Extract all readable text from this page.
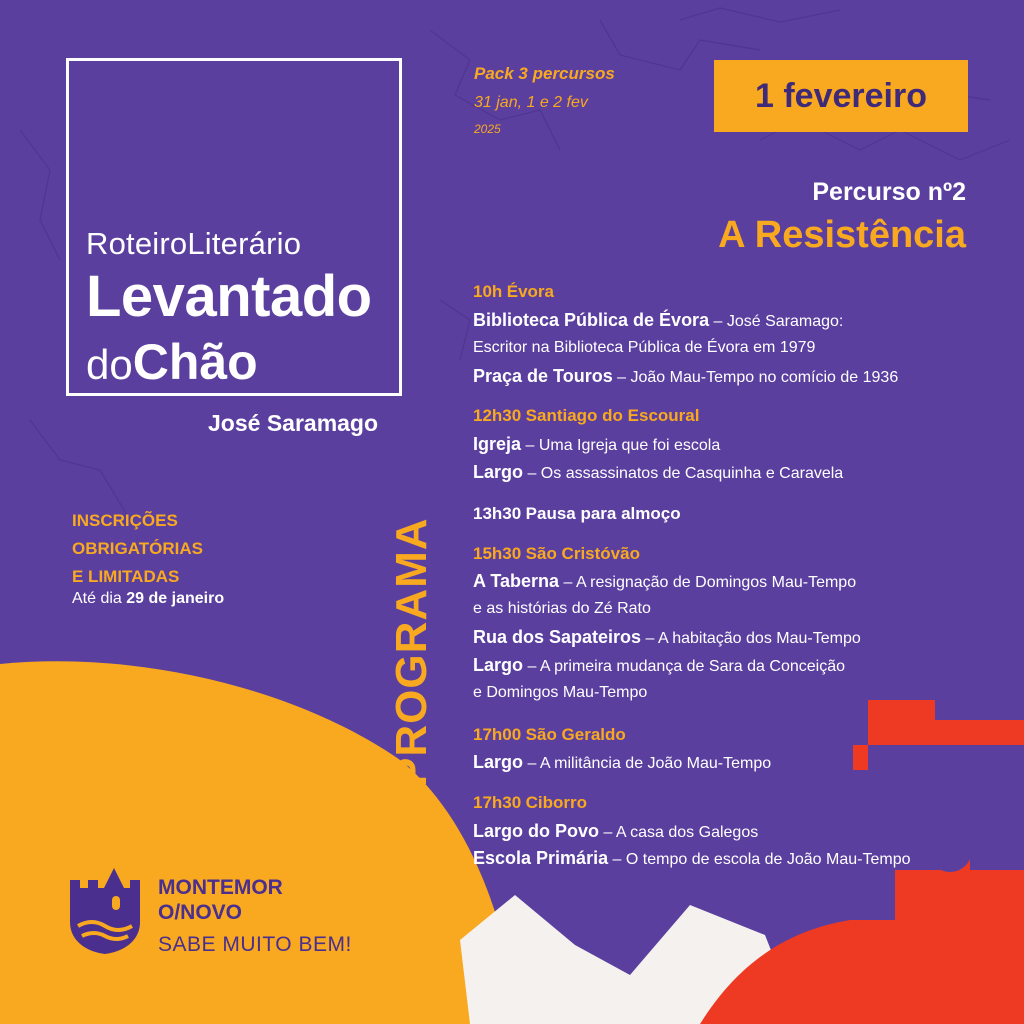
RoteiroLiterário
Levantado
doChão
José Saramago
INSCRIÇÕES
OBRIGATÓRIAS
E LIMITADAS
Até dia 29 de janeiro	PROGRAMA
Pack 3 percursos
31 jan, 1 e 2 fev
2025
1 fevereiro
Percurso nº2
A Resistência
10h Évora
Biblioteca Pública de Évora – José Saramago:
Escritor na Biblioteca Pública de Évora em 1979
Praça de Touros – João Mau-Tempo no comício de 1936
12h30 Santiago do Escoural
Igreja – Uma Igreja que foi escola
Largo – Os assassinatos de Casquinha e Caravela
13h30 Pausa para almoço
15h30 São Cristóvão
A Taberna – A resignação de Domingos Mau-Tempo
e as histórias do Zé Rato
Rua dos Sapateiros – A habitação dos Mau-Tempo
Largo – A primeira mudança de Sara da Conceição
e Domingos Mau-Tempo
17h00 São Geraldo
Largo – A militância de João Mau-Tempo
17h30 Ciborro
Largo do Povo – A casa dos Galegos
Escola Primária – O tempo de escola de João Mau-Tempo
MONTEMOR
O/NOVO
SABE MUITO BEM!
